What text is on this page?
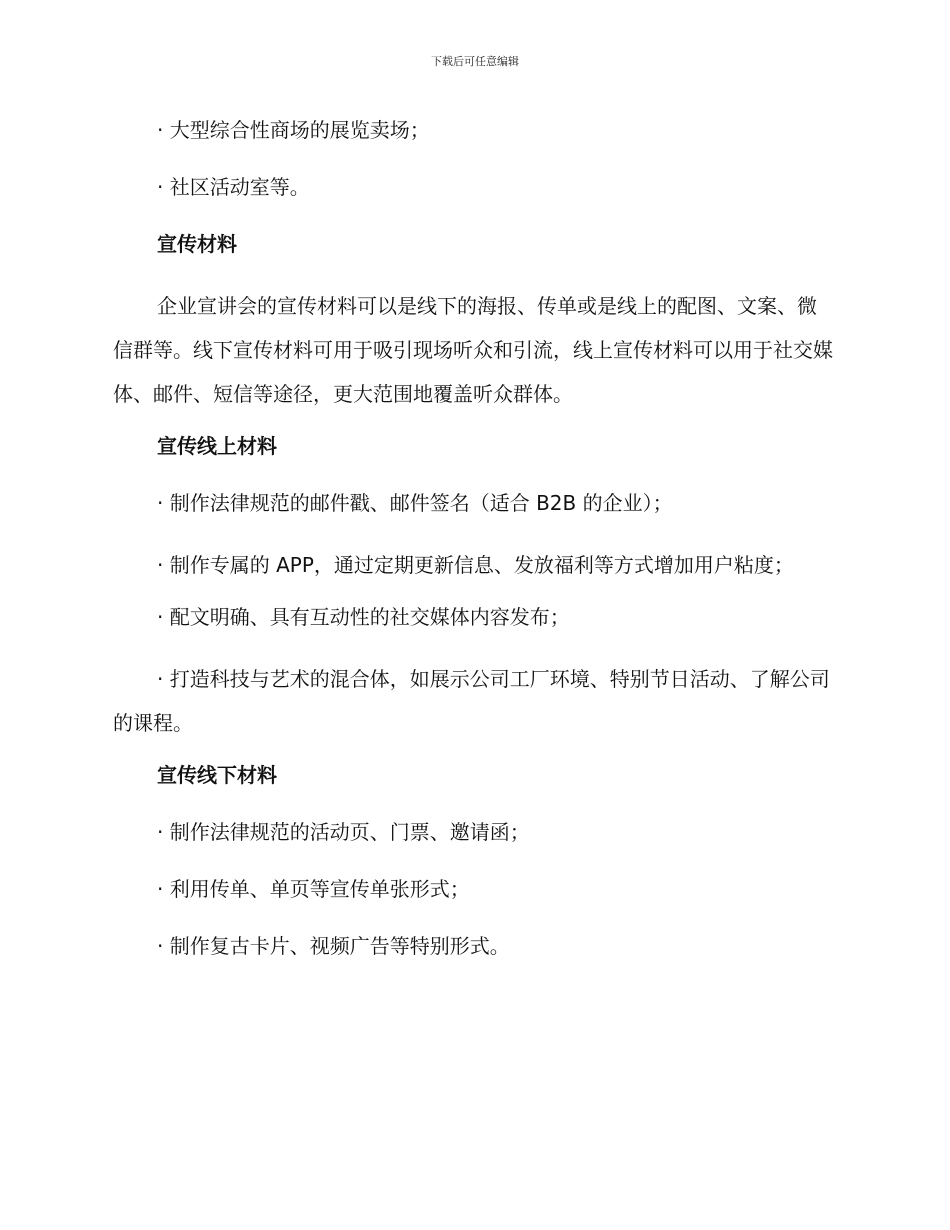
下载后可任意编辑

· 大型综合性商场的展览卖场；

· 社区活动室等。

宣传材料

企业宣讲会的宣传材料可以是线下的海报、传单或是线上的配图、文案、微信群等。线下宣传材料可用于吸引现场听众和引流，线上宣传材料可以用于社交媒体、邮件、短信等途径，更大范围地覆盖听众群体。

宣传线上材料

· 制作法律规范的邮件戳、邮件签名（适合 B2B 的企业）；

· 制作专属的 APP，通过定期更新信息、发放福利等方式增加用户粘度；

· 配文明确、具有互动性的社交媒体内容发布；

· 打造科技与艺术的混合体，如展示公司工厂环境、特别节日活动、了解公司的课程。

宣传线下材料

· 制作法律规范的活动页、门票、邀请函；

· 利用传单、单页等宣传单张形式；

· 制作复古卡片、视频广告等特别形式。
